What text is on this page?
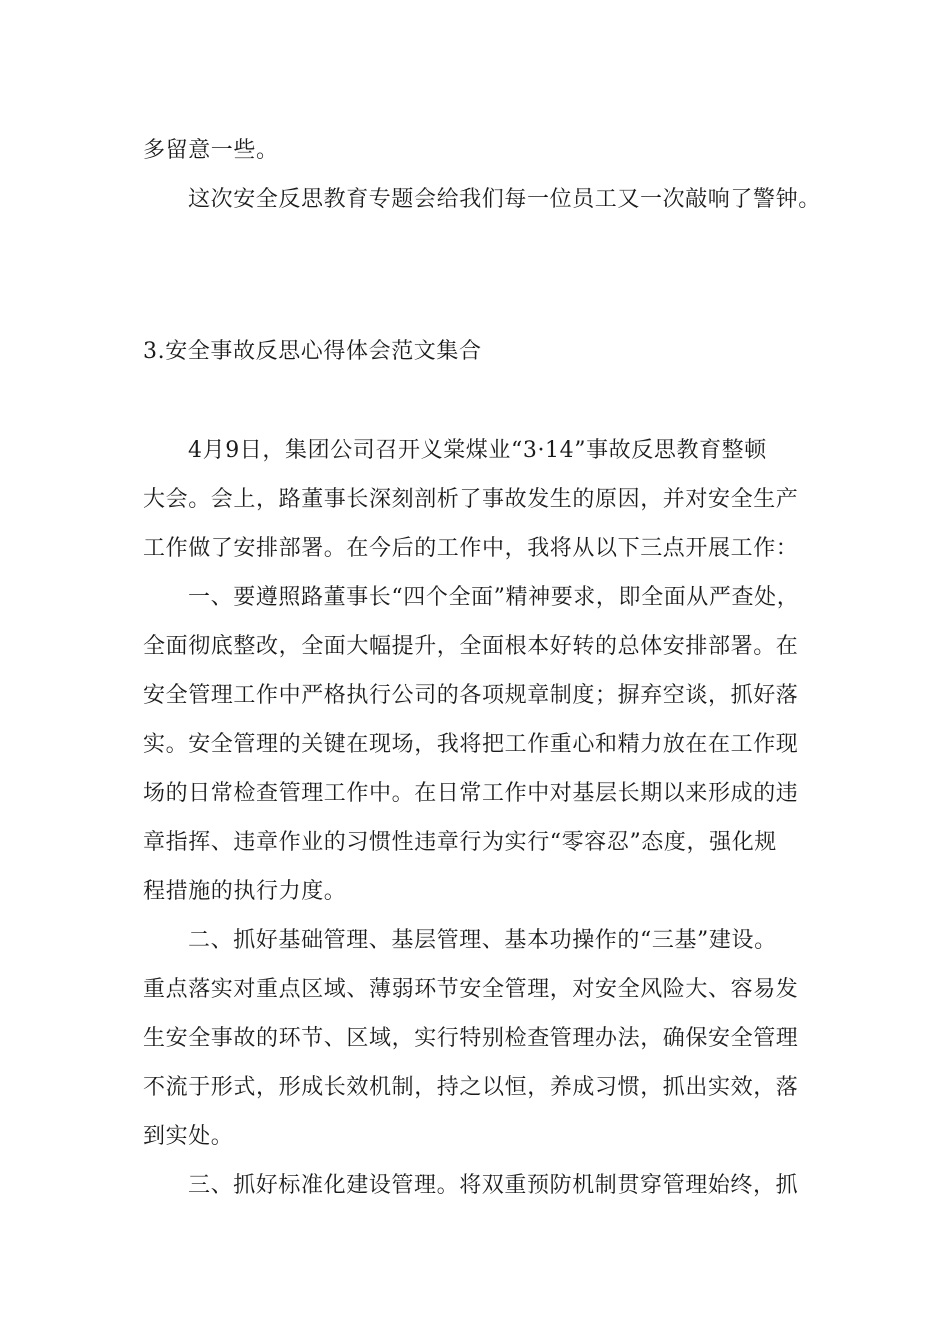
多留意一些。
这次安全反思教育专题会给我们每一位员工又一次敲响了警钟。
3.安全事故反思心得体会范文集合
4月9日，集团公司召开义棠煤业“3·14”事故反思教育整顿
大会。会上，路董事长深刻剖析了事故发生的原因，并对安全生产
工作做了安排部署。在今后的工作中，我将从以下三点开展工作：
一、要遵照路董事长“四个全面”精神要求，即全面从严查处，
全面彻底整改，全面大幅提升，全面根本好转的总体安排部署。在
安全管理工作中严格执行公司的各项规章制度；摒弃空谈，抓好落
实。安全管理的关键在现场，我将把工作重心和精力放在在工作现
场的日常检查管理工作中。在日常工作中对基层长期以来形成的违
章指挥、违章作业的习惯性违章行为实行“零容忍”态度，强化规
程措施的执行力度。
二、抓好基础管理、基层管理、基本功操作的“三基”建设。
重点落实对重点区域、薄弱环节安全管理，对安全风险大、容易发
生安全事故的环节、区域，实行特别检查管理办法，确保安全管理
不流于形式，形成长效机制，持之以恒，养成习惯，抓出实效，落
到实处。
三、抓好标准化建设管理。将双重预防机制贯穿管理始终，抓
